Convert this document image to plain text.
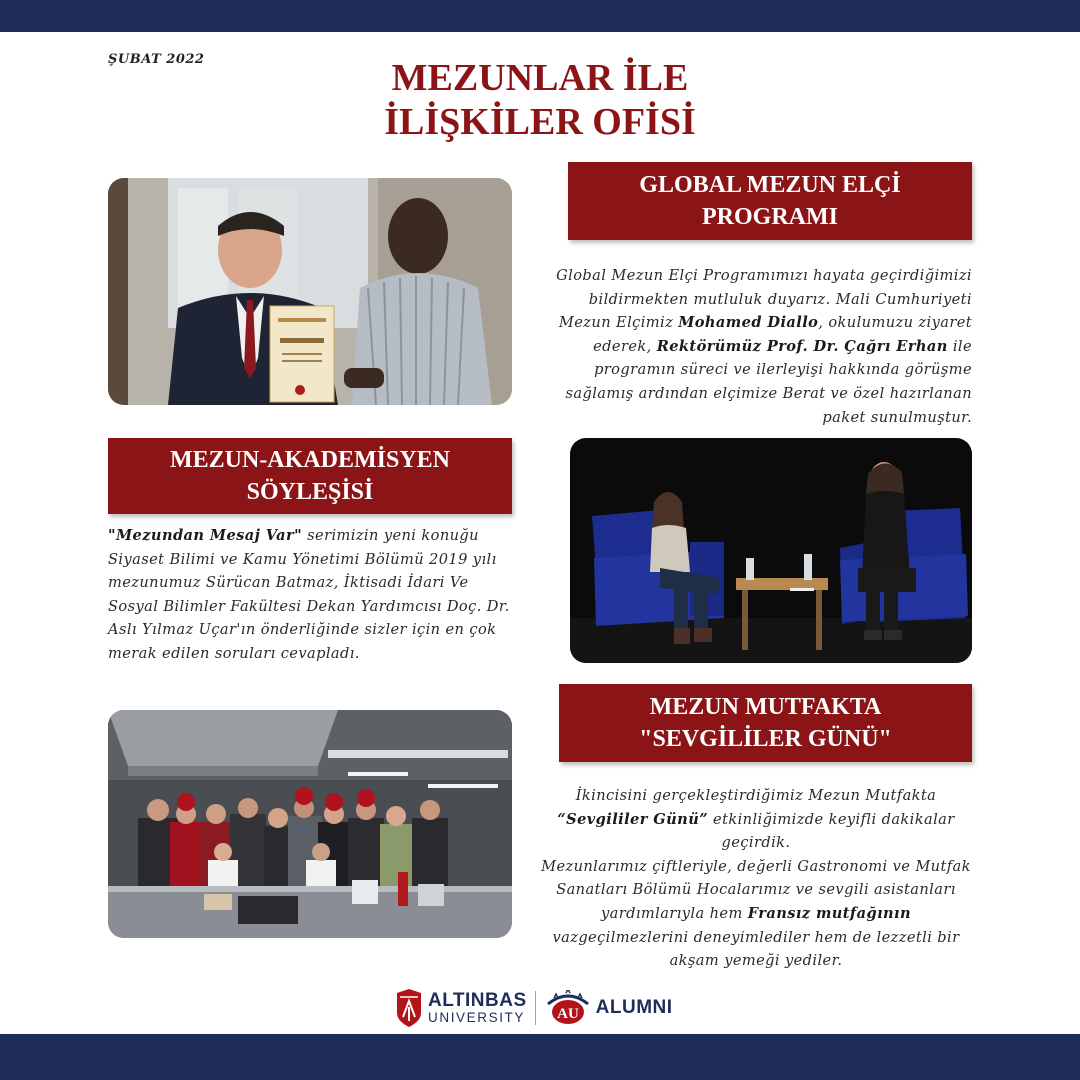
ŞUBAT 2022	MEZUNLAR İLE
İLİŞKİLER OFİSİ
GLOBAL MEZUN ELÇİ
PROGRAMI
Global Mezun Elçi Programımızı hayata geçirdiğimizi bildirmekten mutluluk duyarız. Mali Cumhuriyeti Mezun Elçimiz Mohamed Diallo, okulumuzu ziyaret ederek, Rektörümüz Prof. Dr. Çağrı Erhan ile programın süreci ve ilerleyişi hakkında görüşme sağlamış ardından elçimize Berat ve özel hazırlanan paket sunulmuştur.
MEZUN-AKADEMİSYEN
SÖYLEŞİSİ
"Mezundan Mesaj Var" serimizin yeni konuğu Siyaset Bilimi ve Kamu Yönetimi Bölümü 2019 yılı mezunumuz Sürücan Batmaz, İktisadi İdari Ve Sosyal Bilimler Fakültesi Dekan Yardımcısı Doç. Dr. Aslı Yılmaz Uçar'ın önderliğinde sizler için en çok merak edilen soruları cevapladı.
MEZUN MUTFAKTA
"SEVGİLİLER GÜNÜ"
İkincisini gerçekleştirdiğimiz Mezun Mutfakta “Sevgililer Günü” etkinliğimizde keyifli dakikalar geçirdik.
Mezunlarımız çiftleriyle, değerli Gastronomi ve Mutfak Sanatları Bölümü Hocalarımız ve sevgili asistanları yardımlarıyla hem Fransız mutfağının vazgeçilmezlerini deneyimlediler hem de lezzetli bir akşam yemeği yediler.
ALTINBAS
UNIVERSITY AU ALUMNI
